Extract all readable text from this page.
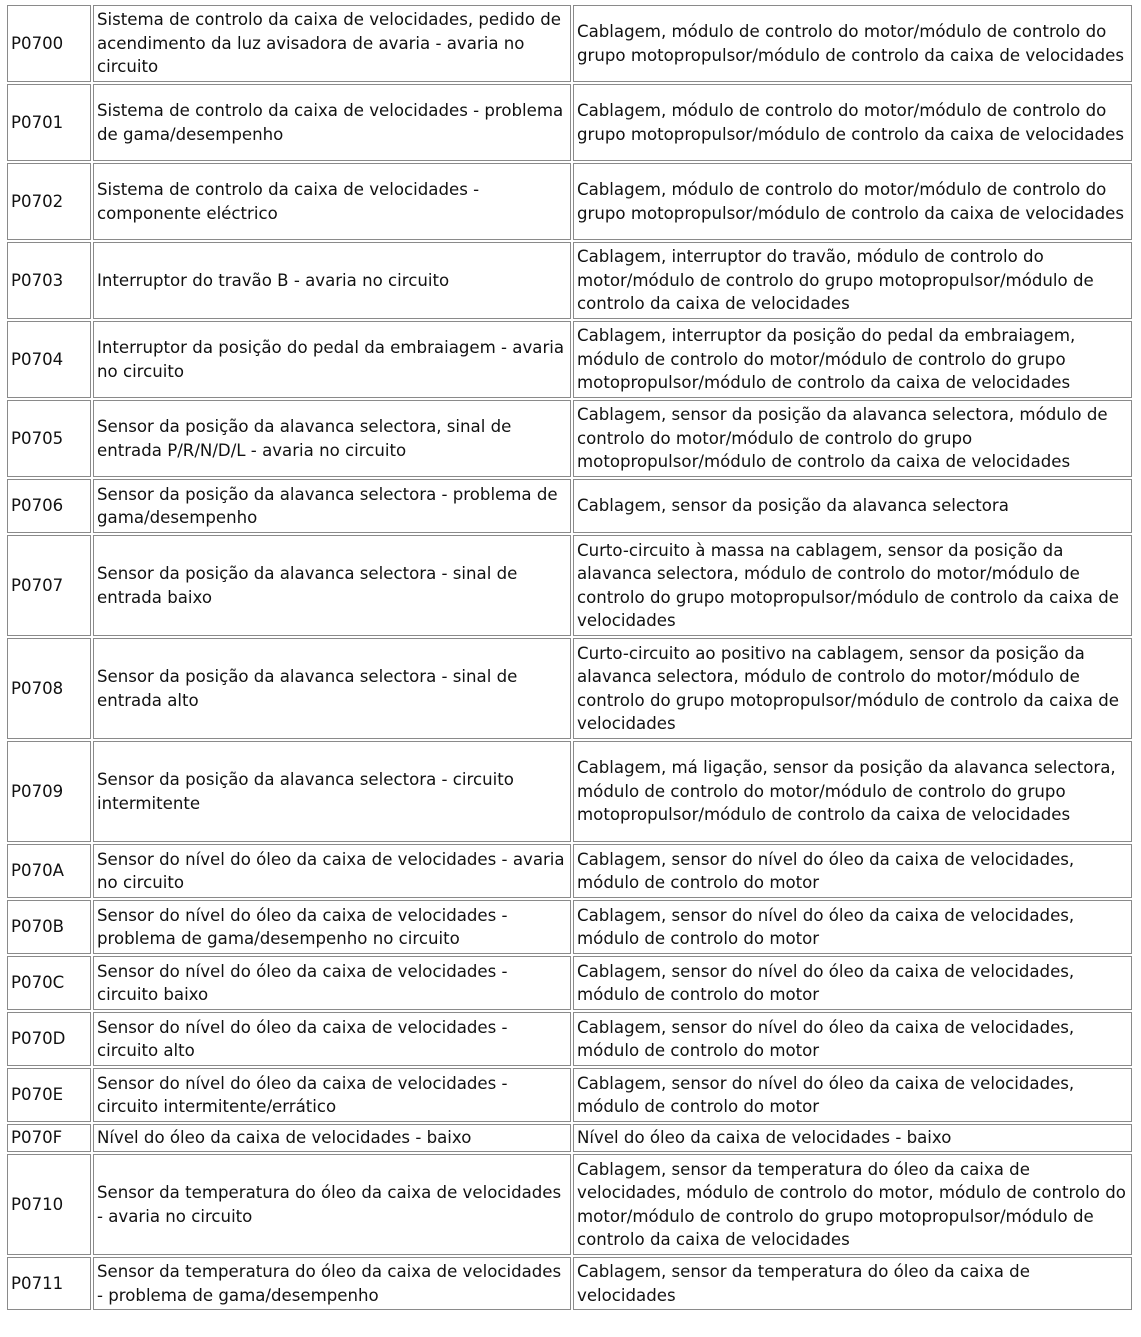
P0700	Sistema de controlo da caixa de velocidades, pedido de acendimento da luz avisadora de avaria - avaria no circuito	Cablagem, módulo de controlo do motor/módulo de controlo do grupo motopropulsor/módulo de controlo da caixa de velocidades
P0701	Sistema de controlo da caixa de velocidades - problema de gama/desempenho	Cablagem, módulo de controlo do motor/módulo de controlo do grupo motopropulsor/módulo de controlo da caixa de velocidades
P0702	Sistema de controlo da caixa de velocidades - componente eléctrico	Cablagem, módulo de controlo do motor/módulo de controlo do grupo motopropulsor/módulo de controlo da caixa de velocidades
P0703	Interruptor do travão B - avaria no circuito	Cablagem, interruptor do travão, módulo de controlo do motor/módulo de controlo do grupo motopropulsor/módulo de controlo da caixa de velocidades
P0704	Interruptor da posição do pedal da embraiagem - avaria no circuito	Cablagem, interruptor da posição do pedal da embraiagem, módulo de controlo do motor/módulo de controlo do grupo motopropulsor/módulo de controlo da caixa de velocidades
P0705	Sensor da posição da alavanca selectora, sinal de entrada P/R/N/D/L - avaria no circuito	Cablagem, sensor da posição da alavanca selectora, módulo de controlo do motor/módulo de controlo do grupo motopropulsor/módulo de controlo da caixa de velocidades
P0706	Sensor da posição da alavanca selectora - problema de gama/desempenho	Cablagem, sensor da posição da alavanca selectora
P0707	Sensor da posição da alavanca selectora - sinal de entrada baixo	Curto-circuito à massa na cablagem, sensor da posição da alavanca selectora, módulo de controlo do motor/módulo de controlo do grupo motopropulsor/módulo de controlo da caixa de velocidades
P0708	Sensor da posição da alavanca selectora - sinal de entrada alto	Curto-circuito ao positivo na cablagem, sensor da posição da alavanca selectora, módulo de controlo do motor/módulo de controlo do grupo motopropulsor/módulo de controlo da caixa de velocidades
P0709	Sensor da posição da alavanca selectora - circuito intermitente	Cablagem, má ligação, sensor da posição da alavanca selectora, módulo de controlo do motor/módulo de controlo do grupo motopropulsor/módulo de controlo da caixa de velocidades
P070A	Sensor do nível do óleo da caixa de velocidades - avaria no circuito	Cablagem, sensor do nível do óleo da caixa de velocidades, módulo de controlo do motor
P070B	Sensor do nível do óleo da caixa de velocidades - problema de gama/desempenho no circuito	Cablagem, sensor do nível do óleo da caixa de velocidades, módulo de controlo do motor
P070C	Sensor do nível do óleo da caixa de velocidades - circuito baixo	Cablagem, sensor do nível do óleo da caixa de velocidades, módulo de controlo do motor
P070D	Sensor do nível do óleo da caixa de velocidades - circuito alto	Cablagem, sensor do nível do óleo da caixa de velocidades, módulo de controlo do motor
P070E	Sensor do nível do óleo da caixa de velocidades - circuito intermitente/errático	Cablagem, sensor do nível do óleo da caixa de velocidades, módulo de controlo do motor
P070F	Nível do óleo da caixa de velocidades - baixo	Nível do óleo da caixa de velocidades - baixo
P0710	Sensor da temperatura do óleo da caixa de velocidades - avaria no circuito	Cablagem, sensor da temperatura do óleo da caixa de velocidades, módulo de controlo do motor, módulo de controlo do motor/módulo de controlo do grupo motopropulsor/módulo de controlo da caixa de velocidades
P0711	Sensor da temperatura do óleo da caixa de velocidades - problema de gama/desempenho	Cablagem, sensor da temperatura do óleo da caixa de velocidades
